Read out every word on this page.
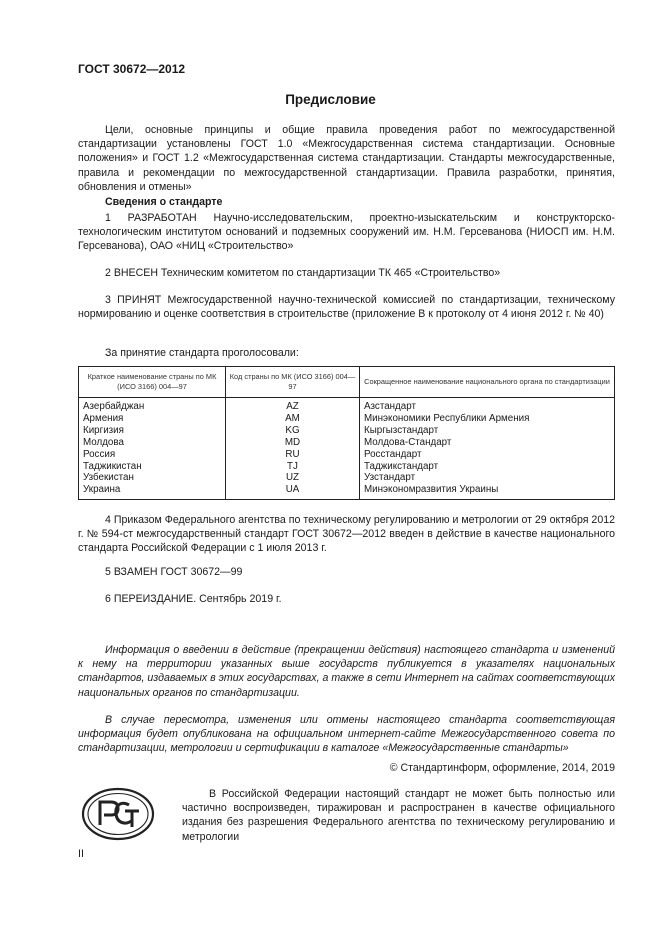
ГОСТ 30672—2012
Предисловие

Цели, основные принципы и общие правила проведения работ по межгосударственной стандартизации установлены ГОСТ 1.0 «Межгосударственная система стандартизации. Основные положения» и ГОСТ 1.2 «Межгосударственная система стандартизации. Стандарты межгосударственные, правила и рекомендации по межгосударственной стандартизации. Правила разработки, принятия, обновления и отмены»

Сведения о стандарте

1 РАЗРАБОТАН Научно-исследовательским, проектно-изыскательским и конструкторско-технологическим институтом оснований и подземных сооружений им. Н.М. Герсеванова (НИОСП им. Н.М. Герсеванова), ОАО «НИЦ «Строительство»

2 ВНЕСЕН Техническим комитетом по стандартизации ТК 465 «Строительство»

3 ПРИНЯТ Межгосударственной научно-технической комиссией по стандартизации, техническому нормированию и оценке соответствия в строительстве (приложение В к протоколу от 4 июня 2012 г. № 40)

За принятие стандарта проголосовали:
Краткое наименование страны по МК (ИСО 3166) 004—97	Код страны по МК (ИСО 3166) 004—97	Сокращенное наименование национального органа по стандартизации
Азербайджан	AZ	Азстандарт
Армения	AM	Минэкономики Республики Армения
Киргизия	KG	Кыргызстандарт
Молдова	MD	Молдова-Стандарт
Россия	RU	Росстандарт
Таджикистан	TJ	Таджикстандарт
Узбекистан	UZ	Узстандарт
Украина	UA	Минэкономразвития Украины

4 Приказом Федерального агентства по техническому регулированию и метрологии от 29 октября 2012 г. № 594-ст межгосударственный стандарт ГОСТ 30672—2012 введен в действие в качестве национального стандарта Российской Федерации с 1 июля 2013 г.

5 ВЗАМЕН ГОСТ 30672—99
6 ПЕРЕИЗДАНИЕ. Сентябрь 2019 г.

Информация о введении в действие (прекращении действия) настоящего стандарта и изменений к нему на территории указанных выше государств публикуется в указателях национальных стандартов, издаваемых в этих государствах, а также в сети Интернет на сайтах соответствующих национальных органов по стандартизации.

В случае пересмотра, изменения или отмены настоящего стандарта соответствующая информация будет опубликована на официальном интернет-сайте Межгосударственного совета по стандартизации, метрологии и сертификации в каталоге «Межгосударственные стандарты»

© Стандартинформ, оформление, 2014, 2019

В Российской Федерации настоящий стандарт не может быть полностью или частично воспроизведен, тиражирован и распространен в качестве официального издания без разрешения Федерального агентства по техническому регулированию и метрологии

II
